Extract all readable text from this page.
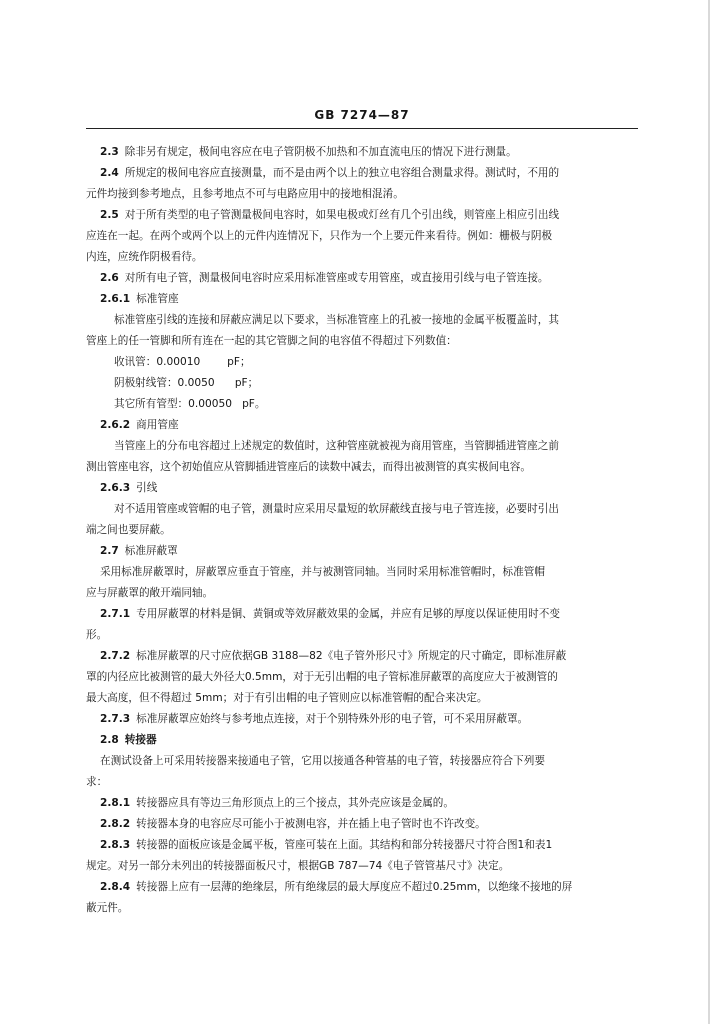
GB 7274—87

2.3 除非另有规定，极间电容应在电子管阴极不加热和不加直流电压的情况下进行测量。

2.4 所规定的极间电容应直接测量，而不是由两个以上的独立电容组合测量求得。测试时，不用的

元件均接到参考地点，且参考地点不可与电路应用中的接地相混淆。

2.5 对于所有类型的电子管测量极间电容时，如果电极或灯丝有几个引出线，则管座上相应引出线

应连在一起。在两个或两个以上的元件内连情况下，只作为一个上要元件来看待。例如：栅极与阴极

内连，应统作阴极看待。

2.6 对所有电子管，测量极间电容时应采用标准管座或专用管座，或直接用引线与电子管连接。

2.6.1 标准管座

标准管座引线的连接和屏蔽应满足以下要求，当标准管座上的孔被一接地的金属平板覆盖时，其

管座上的任一管脚和所有连在一起的其它管脚之间的电容值不得超过下列数值：

收讯管：0.00010        pF；

阴极射线管：0.0050      pF；

其它所有管型：0.00050   pF。

2.6.2 商用管座

当管座上的分布电容超过上述规定的数值时，这种管座就被视为商用管座，当管脚插进管座之前

测出管座电容，这个初始值应从管脚插进管座后的读数中减去，而得出被测管的真实极间电容。

2.6.3 引线

对不适用管座或管帽的电子管，测量时应采用尽量短的软屏蔽线直接与电子管连接，必要时引出

端之间也要屏蔽。

2.7 标准屏蔽罩

采用标准屏蔽罩时，屏蔽罩应垂直于管座，并与被测管同轴。当同时采用标准管帽时，标准管帽

应与屏蔽罩的敞开端同轴。

2.7.1 专用屏蔽罩的材料是铜、黄铜或等效屏蔽效果的金属，并应有足够的厚度以保证使用时不变

形。

2.7.2 标准屏蔽罩的尺寸应依据GB 3188—82《电子管外形尺寸》所规定的尺寸确定，即标准屏蔽

罩的内径应比被测管的最大外径大0.5mm，对于无引出帽的电子管标准屏蔽罩的高度应大于被测管的

最大高度，但不得超过 5mm；对于有引出帽的电子管则应以标准管帽的配合来决定。

2.7.3 标准屏蔽罩应始终与参考地点连接，对于个别特殊外形的电子管，可不采用屏蔽罩。

2.8 转接器

在测试设备上可采用转接器来接通电子管，它用以接通各种管基的电子管，转接器应符合下列要

求：

2.8.1 转接器应具有等边三角形顶点上的三个接点，其外壳应该是金属的。

2.8.2 转接器本身的电容应尽可能小于被测电容，并在插上电子管时也不许改变。

2.8.3 转接器的面板应该是金属平板，管座可装在上面。其结构和部分转接器尺寸符合图1和表1

规定。对另一部分未列出的转接器面板尺寸，根据GB 787—74《电子管管基尺寸》决定。

2.8.4 转接器上应有一层薄的绝缘层，所有绝缘层的最大厚度应不超过0.25mm，以绝缘不接地的屏

蔽元件。
